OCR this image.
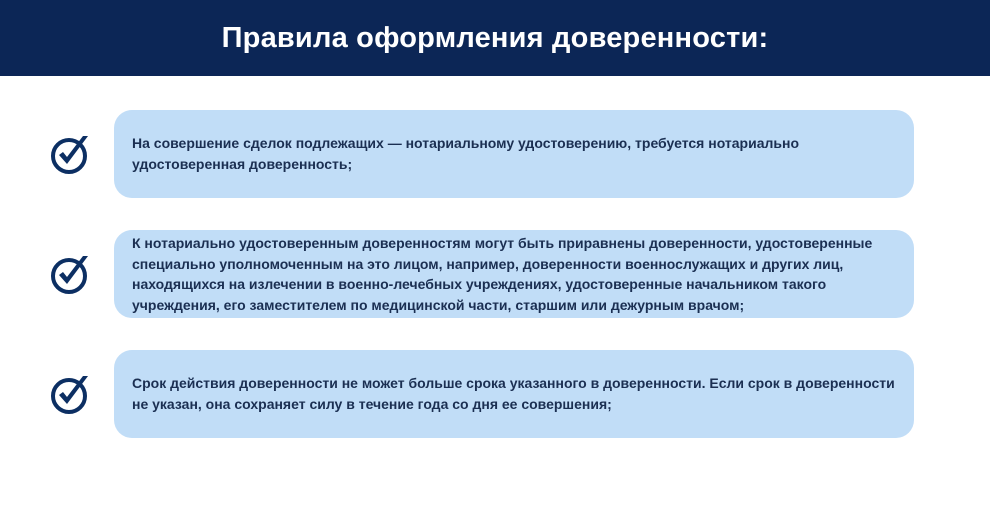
Правила оформления доверенности:
На совершение сделок подлежащих — нотариальному удостоверению, требуется нотариально удостоверенная доверенность;
К нотариально удостоверенным доверенностям могут быть приравнены доверенности, удостоверенные специально уполномоченным на это лицом, например, доверенности военнослужащих и других лиц, находящихся на излечении в военно-лечебных учреждениях, удостоверенные начальником такого учреждения, его заместителем по медицинской части, старшим или дежурным врачом;
Срок действия доверенности не может больше срока указанного в доверенности. Если срок в доверенности не указан, она сохраняет силу в течение года со дня ее совершения;
